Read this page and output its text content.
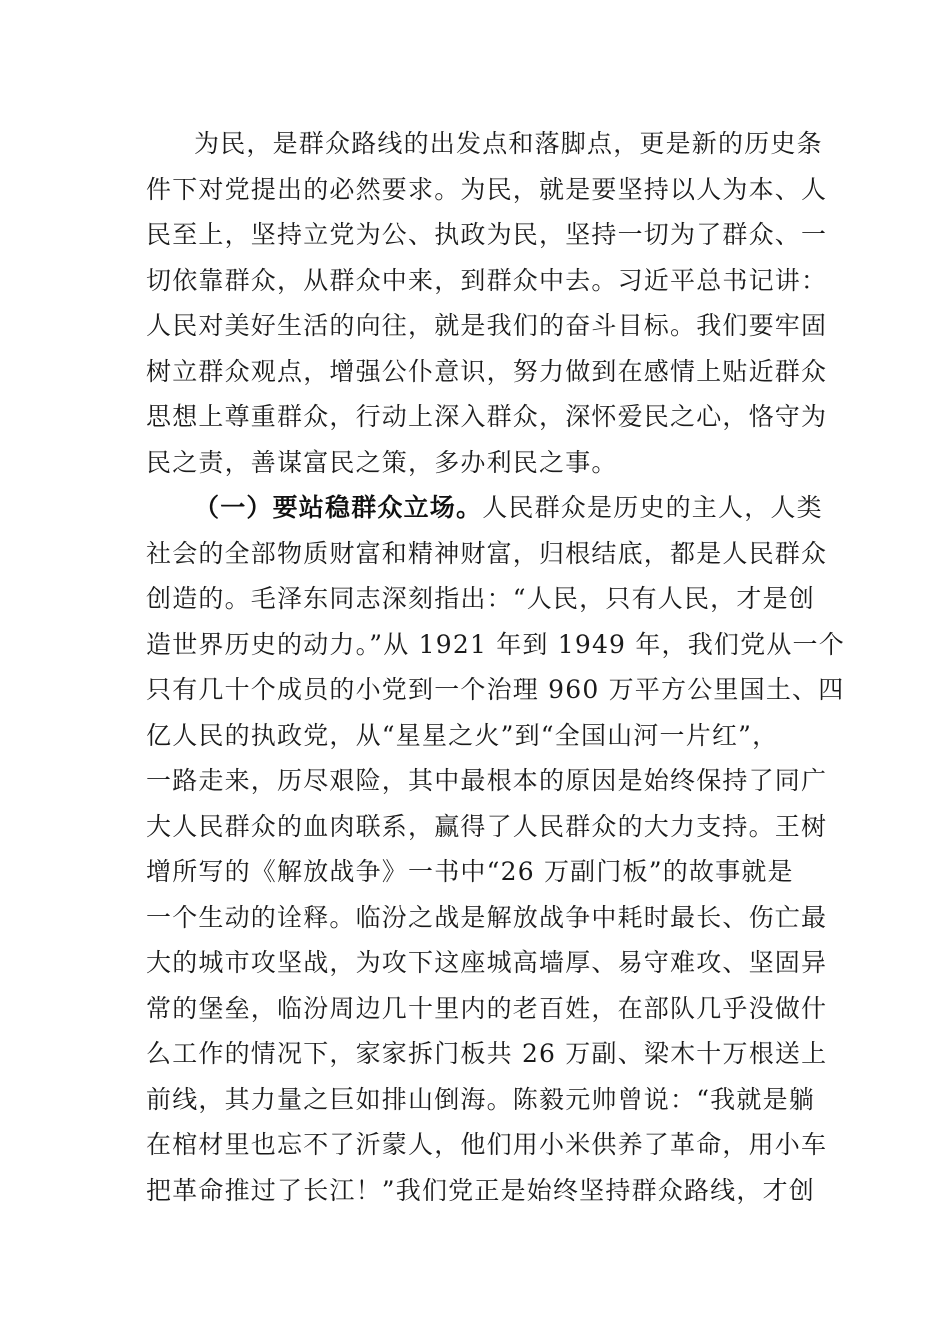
为民，是群众路线的出发点和落脚点，更是新的历史条
件下对党提出的必然要求。为民，就是要坚持以人为本、人
民至上，坚持立党为公、执政为民，坚持一切为了群众、一
切依靠群众，从群众中来，到群众中去。习近平总书记讲：
人民对美好生活的向往，就是我们的奋斗目标。我们要牢固
树立群众观点，增强公仆意识，努力做到在感情上贴近群众
思想上尊重群众，行动上深入群众，深怀爱民之心，恪守为
民之责，善谋富民之策，多办利民之事。
（一）要站稳群众立场。人民群众是历史的主人，人类
社会的全部物质财富和精神财富，归根结底，都是人民群众
创造的。毛泽东同志深刻指出：“人民，只有人民，才是创
造世界历史的动力。”从 1921 年到 1949 年，我们党从一个
只有几十个成员的小党到一个治理 960 万平方公里国土、四
亿人民的执政党，从“星星之火”到“全国山河一片红”，
一路走来，历尽艰险，其中最根本的原因是始终保持了同广
大人民群众的血肉联系，赢得了人民群众的大力支持。王树
增所写的《解放战争》一书中“26 万副门板”的故事就是
一个生动的诠释。临汾之战是解放战争中耗时最长、伤亡最
大的城市攻坚战，为攻下这座城高墙厚、易守难攻、坚固异
常的堡垒，临汾周边几十里内的老百姓，在部队几乎没做什
么工作的情况下，家家拆门板共 26 万副、梁木十万根送上
前线，其力量之巨如排山倒海。陈毅元帅曾说：“我就是躺
在棺材里也忘不了沂蒙人，他们用小米供养了革命，用小车
把革命推过了长江！”我们党正是始终坚持群众路线，才创
